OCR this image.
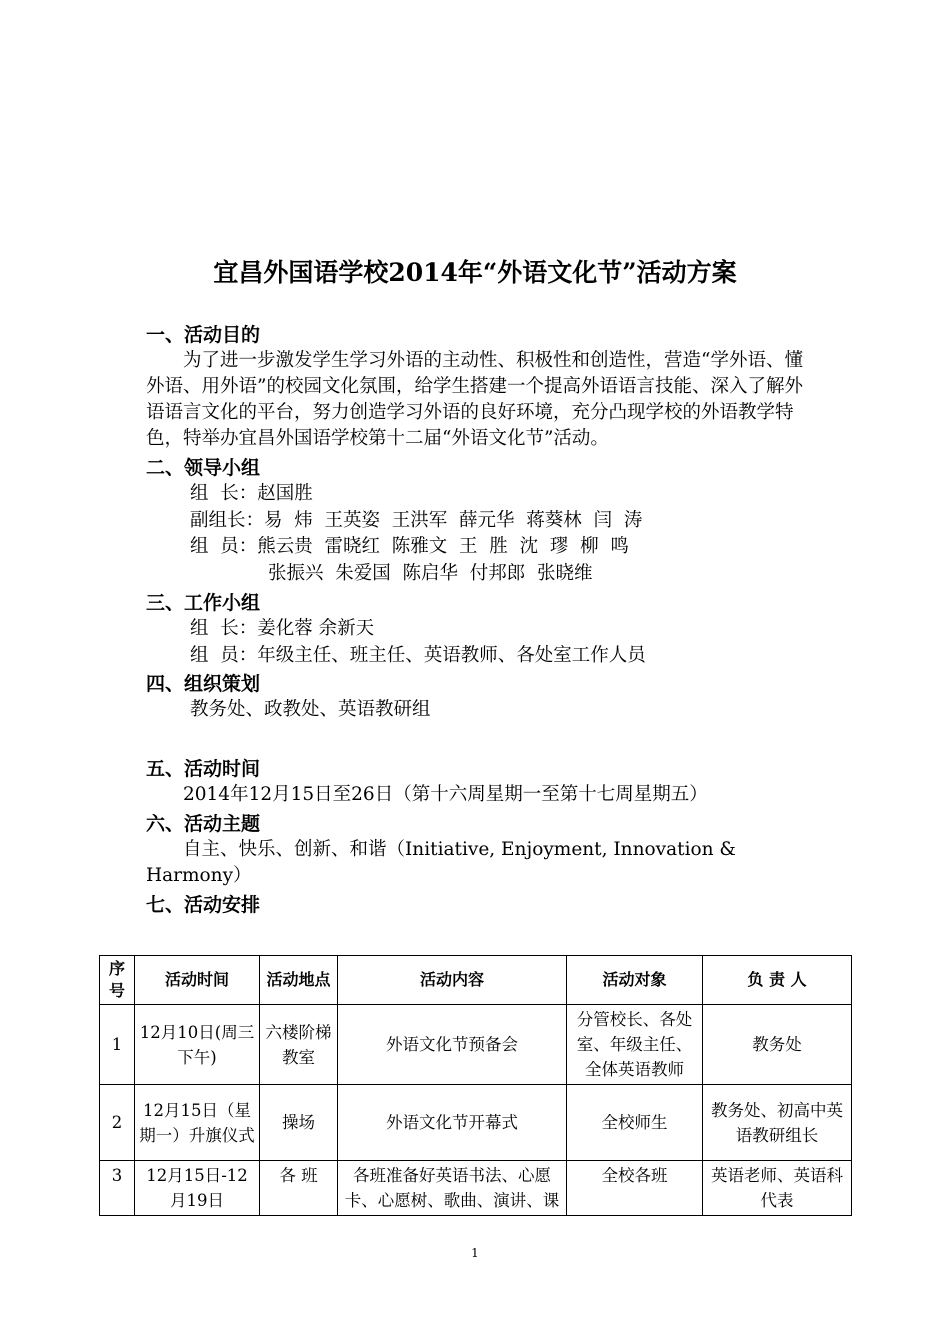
宜昌外国语学校2014年“外语文化节”活动方案

一、活动目的

为了进一步激发学生学习外语的主动性、积极性和创造性，营造“学外语、懂外语、用外语”的校园文化氛围，给学生搭建一个提高外语语言技能、深入了解外语语言文化的平台，努力创造学习外语的良好环境，充分凸现学校的外语教学特色，特举办宜昌外国语学校第十二届“外语文化节”活动。

二、领导小组

组  长：赵国胜

副组长：易  炜  王英姿  王洪军  薛元华  蒋葵林  闫  涛

组  员：熊云贵  雷晓红  陈雅文  王  胜  沈  璆  柳  鸣

张振兴  朱爱国  陈启华  付邦郎  张晓维

三、工作小组

组  长：姜化蓉 余新天

组  员：年级主任、班主任、英语教师、各处室工作人员

四、组织策划

教务处、政教处、英语教研组

五、活动时间

2014年12月15日至26日（第十六周星期一至第十七周星期五）

六、活动主题

自主、快乐、创新、和谐（Initiative, Enjoyment, Innovation & Harmony）

七、活动安排

序号	活动时间	活动地点	活动内容	活动对象	负 责 人
1	12月10日(周三下午)	六楼阶梯教室	外语文化节预备会	分管校长、各处室、年级主任、全体英语教师	教务处
2	12月15日（星期一）升旗仪式	操场	外语文化节开幕式	全校师生	教务处、初高中英语教研组长
3	12月15日-12月19日	各 班	各班准备好英语书法、心愿卡、心愿树、歌曲、演讲、课	全校各班	英语老师、英语科代表
1
